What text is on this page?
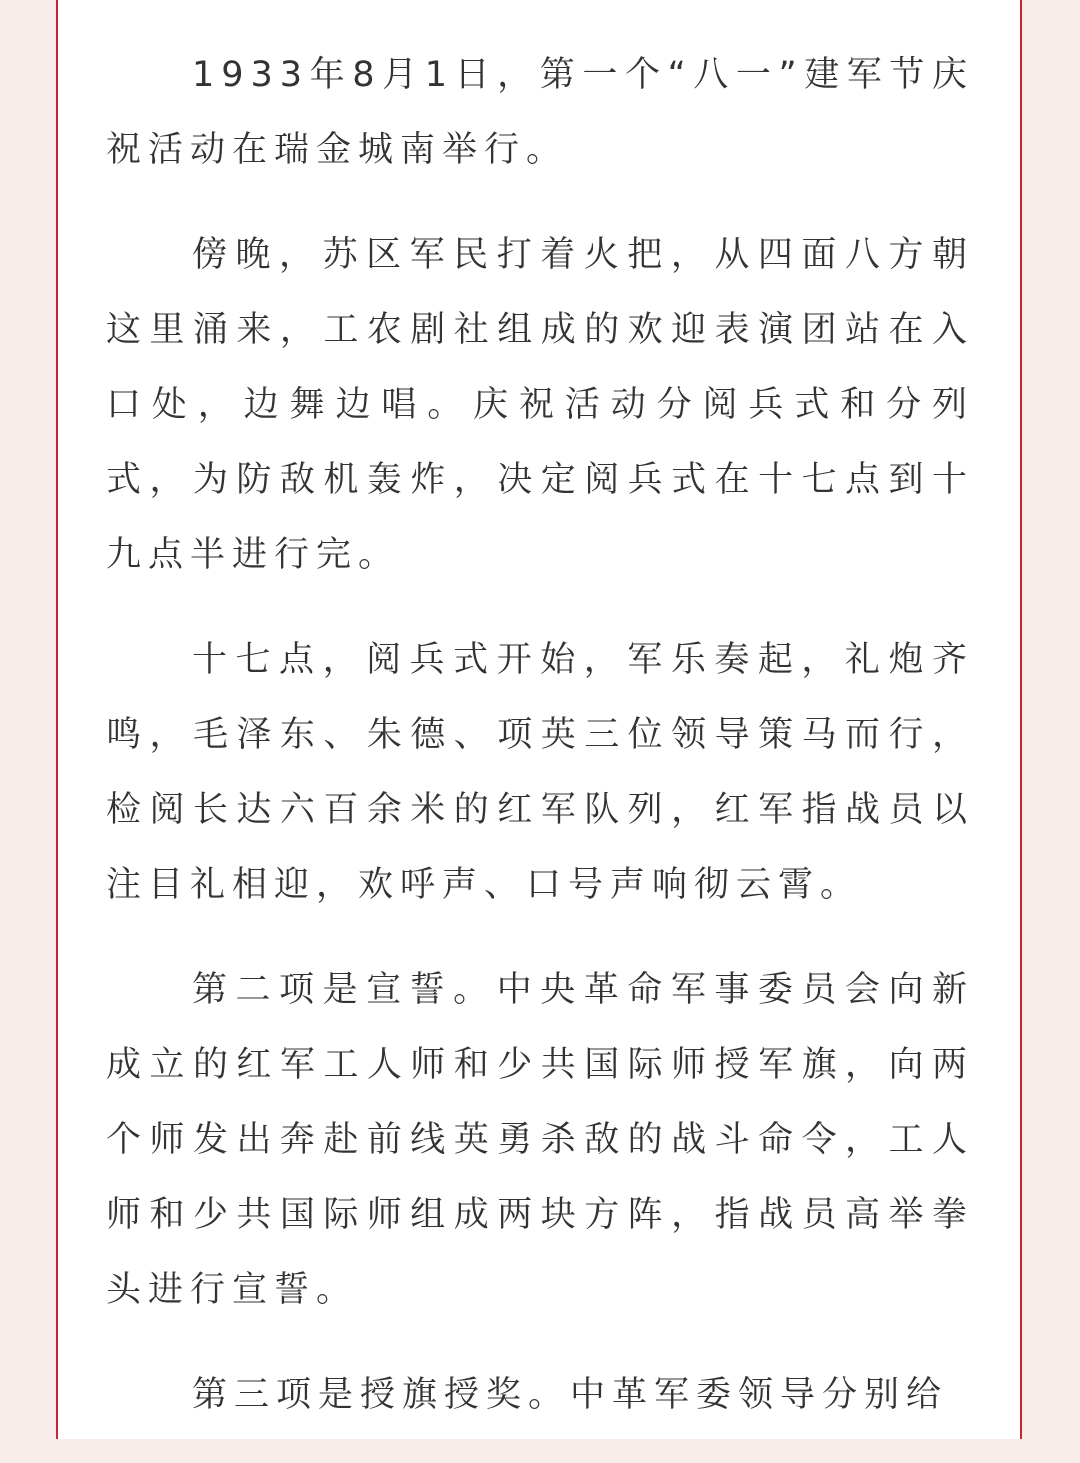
1933年8月1日，第一个“八一”建军节庆祝活动在瑞金城南举行。

傍晚，苏区军民打着火把，从四面八方朝这里涌来，工农剧社组成的欢迎表演团站在入口处，边舞边唱。庆祝活动分阅兵式和分列式，为防敌机轰炸，决定阅兵式在十七点到十九点半进行完。

十七点，阅兵式开始，军乐奏起，礼炮齐鸣，毛泽东、朱德、项英三位领导策马而行，检阅长达六百余米的红军队列，红军指战员以注目礼相迎，欢呼声、口号声响彻云霄。

第二项是宣誓。中央革命军事委员会向新成立的红军工人师和少共国际师授军旗，向两个师发出奔赴前线英勇杀敌的战斗命令，工人师和少共国际师组成两块方阵，指战员高举拳头进行宣誓。

第三项是授旗授奖。中革军委领导分别给
